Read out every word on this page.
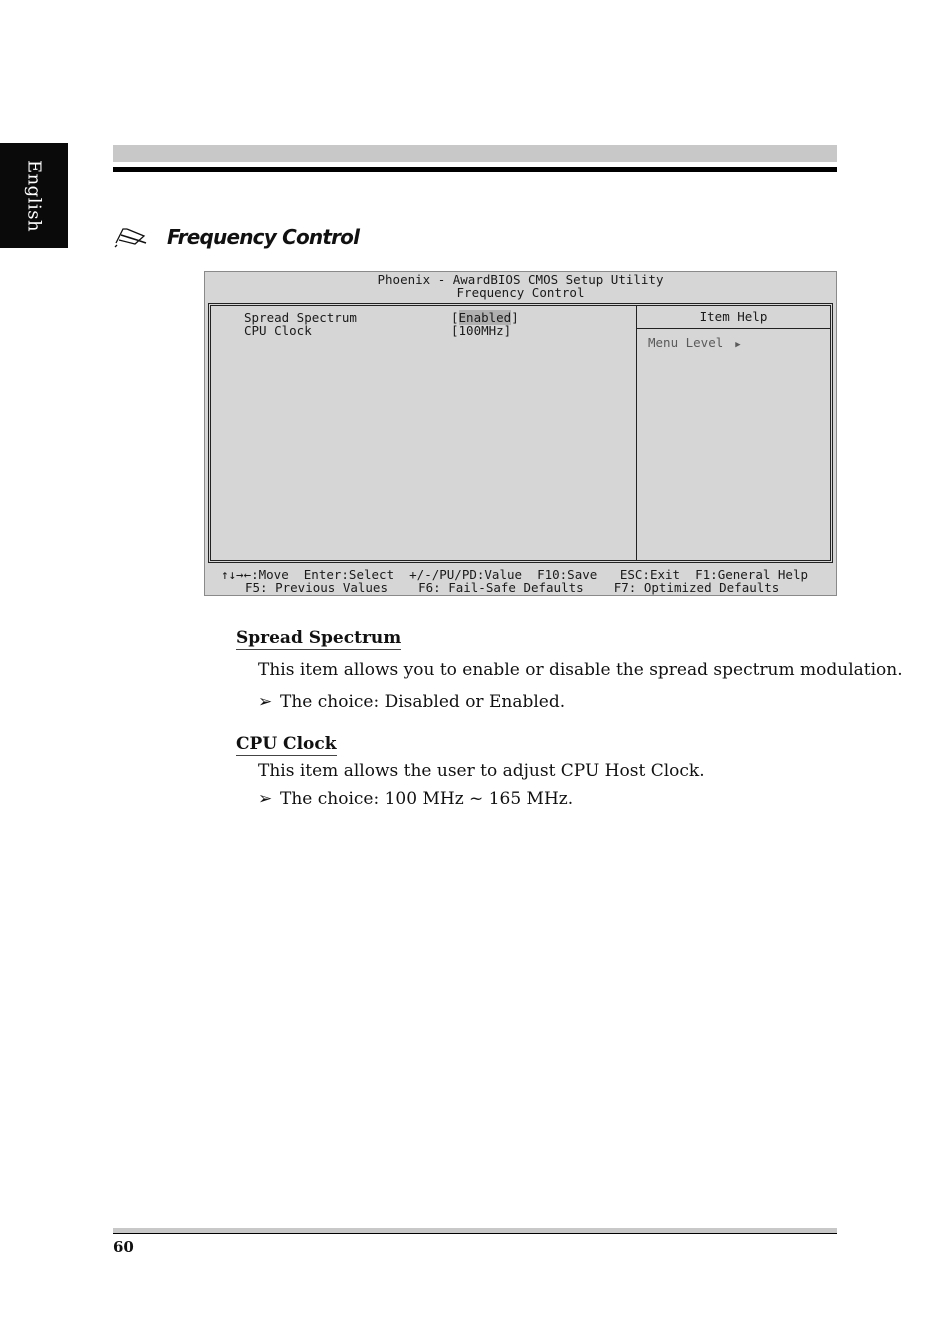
English
Frequency Control
Phoenix - AwardBIOS CMOS Setup Utility
Frequency Control
Spread Spectrum	[Enabled]
CPU Clock	[100MHz]
Item Help
Menu Level ▶
↑↓→←:Move  Enter:Select  +/-/PU/PD:Value  F10:Save   ESC:Exit  F1:General Help
F5: Previous Values    F6: Fail-Safe Defaults    F7: Optimized Defaults
Spread Spectrum
This item allows you to enable or disable the spread spectrum modulation.
➢ The choice: Disabled or Enabled.
CPU Clock
This item allows the user to adjust CPU Host Clock.
➢ The choice: 100 MHz ~ 165 MHz.
60
